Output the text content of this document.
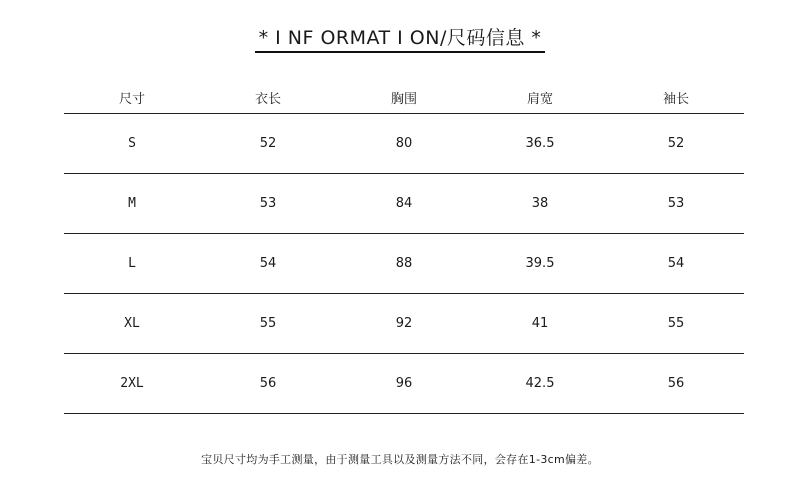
* I NF ORMAT I ON/尺码信息 *
尺寸	衣长	胸围	肩宽	袖长
S	52	80	36.5	52
M	53	84	38	53
L	54	88	39.5	54
XL	55	92	41	55
2XL	56	96	42.5	56
宝贝尺寸均为手工测量，由于测量工具以及测量方法不同，会存在1-3cm偏差。
